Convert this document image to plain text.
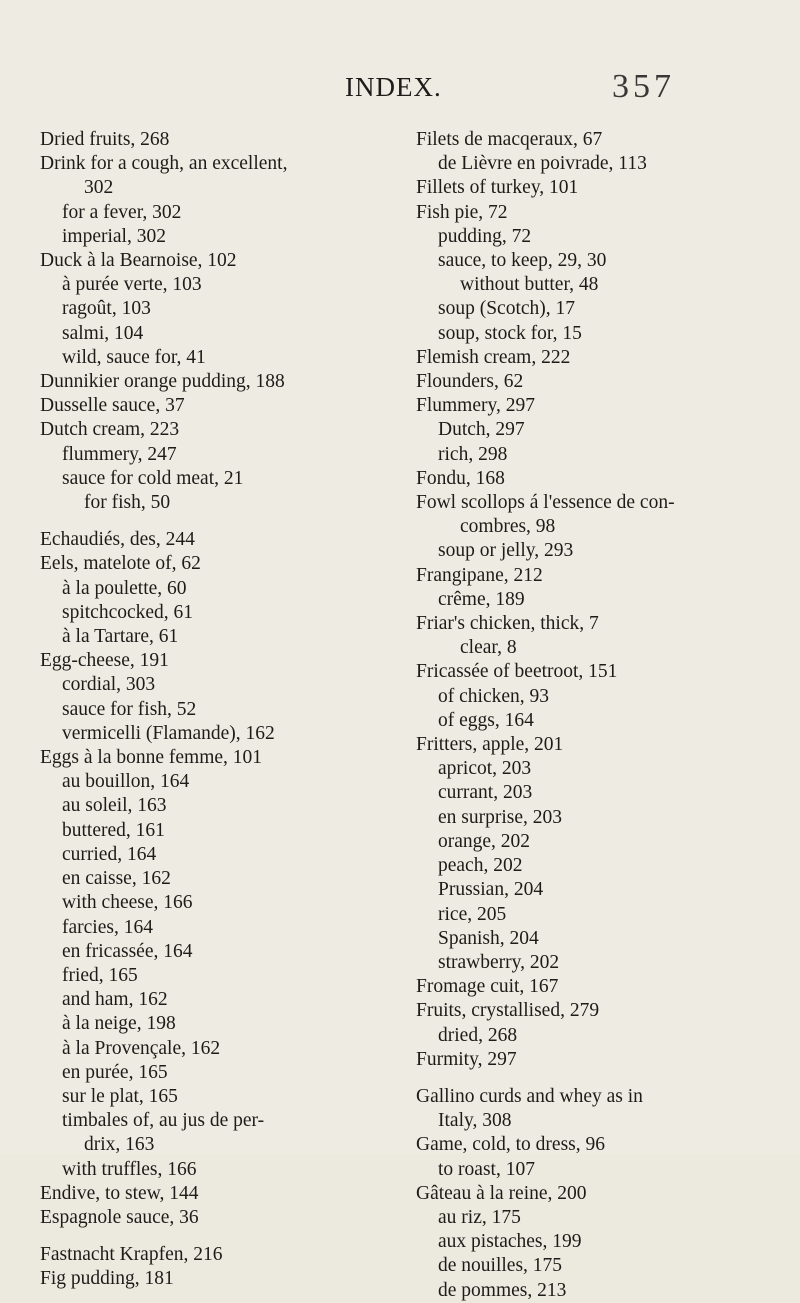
INDEX.	357
Dried fruits, 268
Drink for a cough, an excellent,
302
for a fever, 302
imperial, 302
Duck à la Bearnoise, 102
à purée verte, 103
ragoût, 103
salmi, 104
wild, sauce for, 41
Dunnikier orange pudding, 188
Dusselle sauce, 37
Dutch cream, 223
flummery, 247
sauce for cold meat, 21
for fish, 50
Echaudiés, des, 244
Eels, matelote of, 62
à la poulette, 60
spitchcocked, 61
à la Tartare, 61
Egg-cheese, 191
cordial, 303
sauce for fish, 52
vermicelli (Flamande), 162
Eggs à la bonne femme, 101
au bouillon, 164
au soleil, 163
buttered, 161
curried, 164
en caisse, 162
with cheese, 166
farcies, 164
en fricassée, 164
fried, 165
and ham, 162
à la neige, 198
à la Provençale, 162
en purée, 165
sur le plat, 165
timbales of, au jus de per-
drix, 163
with truffles, 166
Endive, to stew, 144
Espagnole sauce, 36
Fastnacht Krapfen, 216
Fig pudding, 181
Filets de macqeraux, 67
de Lièvre en poivrade, 113
Fillets of turkey, 101
Fish pie, 72
pudding, 72
sauce, to keep, 29, 30
without butter, 48
soup (Scotch), 17
soup, stock for, 15
Flemish cream, 222
Flounders, 62
Flummery, 297
Dutch, 297
rich, 298
Fondu, 168
Fowl scollops á l'essence de con-
combres, 98
soup or jelly, 293
Frangipane, 212
crême, 189
Friar's chicken, thick, 7
clear, 8
Fricassée of beetroot, 151
of chicken, 93
of eggs, 164
Fritters, apple, 201
apricot, 203
currant, 203
en surprise, 203
orange, 202
peach, 202
Prussian, 204
rice, 205
Spanish, 204
strawberry, 202
Fromage cuit, 167
Fruits, crystallised, 279
dried, 268
Furmity, 297
Gallino curds and whey as in
Italy, 308
Game, cold, to dress, 96
to roast, 107
Gâteau à la reine, 200
au riz, 175
aux pistaches, 199
de nouilles, 175
de pommes, 213
